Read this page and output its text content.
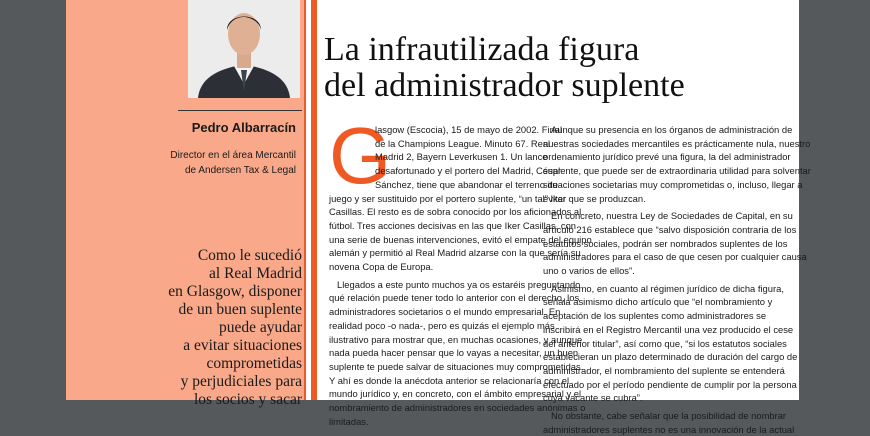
Pedro Albarracín
Director en el área Mercantil
de Andersen Tax & Legal
Como le sucedió
al Real Madrid
en Glasgow, disponer
de un buen suplente
puede ayudar
a evitar situaciones
comprometidas
y perjudiciales para
los socios y sacar
La infrautilizada figura
del administrador suplente
G
lasgow (Escocia), 15 de mayo de 2002. Final
de la Champions League. Minuto 67. Real
Madrid 2, Bayern Leverkusen 1. Un lance
desafortunado y el portero del Madrid, César
Sánchez, tiene que abandonar el terreno de
juego y ser sustituido por el portero suplente, “un tal” Iker
Casillas. El resto es de sobra conocido por los aficionados al
fútbol. Tres acciones decisivas en las que Iker Casillas, con
una serie de buenas intervenciones, evitó el empate del equipo
alemán y permitió al Real Madrid alzarse con la que sería su
novena Copa de Europa.
Llegados a este punto muchos ya os estaréis preguntando
qué relación puede tener todo lo anterior con el derecho, los
administradores societarios o el mundo empresarial. En
realidad poco -o nada-, pero es quizás el ejemplo más
ilustrativo para mostrar que, en muchas ocasiones, y aunque
nada pueda hacer pensar que lo vayas a necesitar, un buen
suplente te puede salvar de situaciones muy comprometidas.
Y ahí es donde la anécdota anterior se relacionaría con el
mundo jurídico y, en concreto, con el ámbito empresarial y el
nombramiento de administradores en sociedades anónimas o
limitadas.
Aunque su presencia en los órganos de administración de
nuestras sociedades mercantiles es prácticamente nula, nuestro
ordenamiento jurídico prevé una figura, la del administrador
suplente, que puede ser de extraordinaria utilidad para solventar
situaciones societarias muy comprometidas o, incluso, llegar a
evitar que se produzcan.
En concreto, nuestra Ley de Sociedades de Capital, en su
artículo 216 establece que “salvo disposición contraria de los
estatutos sociales, podrán ser nombrados suplentes de los
administradores para el caso de que cesen por cualquier causa
uno o varios de ellos”.
Asimismo, en cuanto al régimen jurídico de dicha figura,
señala asimismo dicho artículo que “el nombramiento y
aceptación de los suplentes como administradores se
inscribirá en el Registro Mercantil una vez producido el cese
del anterior titular”, así como que, “si los estatutos sociales
establecieran un plazo determinado de duración del cargo de
administrador, el nombramiento del suplente se entenderá
efectuado por el período pendiente de cumplir por la persona
cuya vacante se cubra”.
No obstante, cabe señalar que la posibilidad de nombrar
administradores suplentes no es una innovación de la actual
